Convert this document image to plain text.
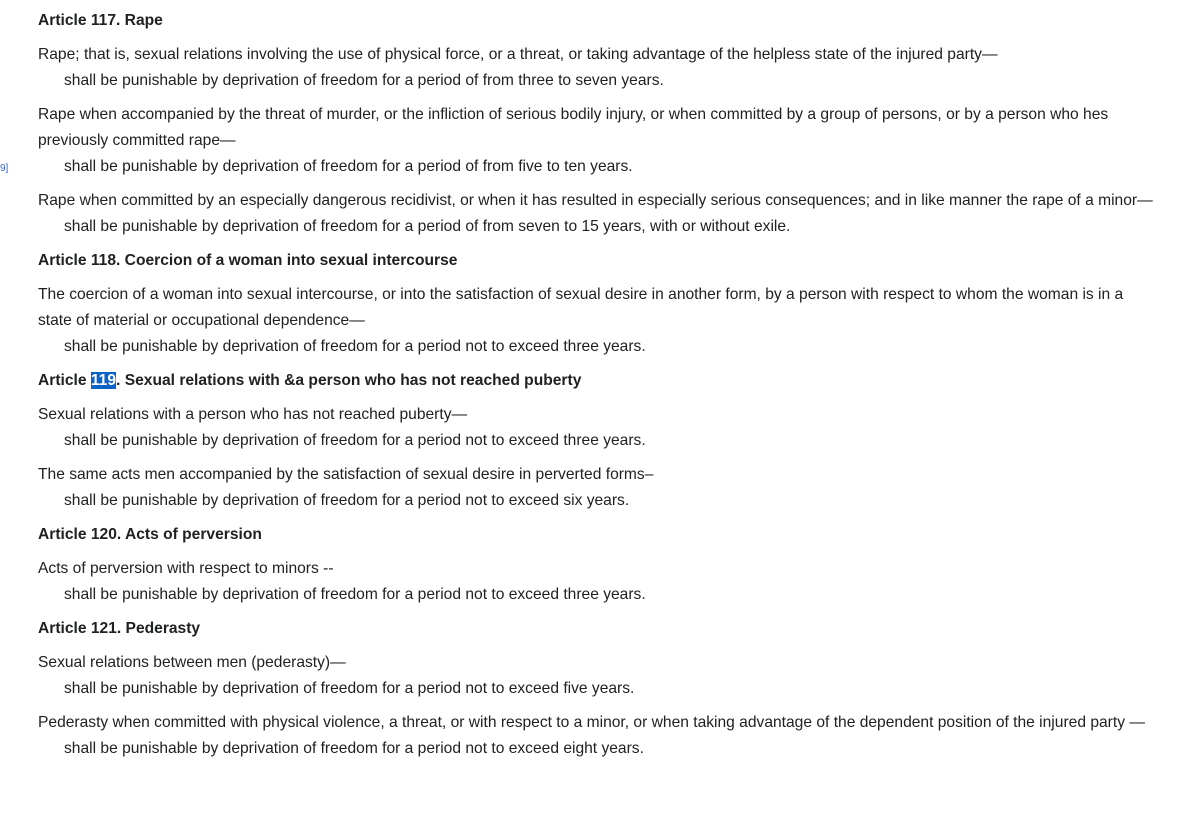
9]
Article 117. Rape

Rape; that is, sexual relations involving the use of physical force, or a threat, or taking advantage of the helpless state of the injured party—

shall be punishable by deprivation of freedom for a period of from three to seven years.

Rape when accompanied by the threat of murder, or the infliction of serious bodily injury, or when committed by a group of persons, or by a person who hes previously committed rape—

shall be punishable by deprivation of freedom for a period of from five to ten years.

Rape when committed by an especially dangerous recidivist, or when it has resulted in especially serious consequences; and in like manner the rape of a minor—

shall be punishable by deprivation of freedom for a period of from seven to 15 years, with or without exile.

Article 118. Coercion of a woman into sexual intercourse

The coercion of a woman into sexual intercourse, or into the satisfaction of sexual desire in another form, by a person with respect to whom the woman is in a state of material or occupational dependence—

shall be punishable by deprivation of freedom for a period not to exceed three years.

Article 119. Sexual relations with &a person who has not reached puberty

Sexual relations with a person who has not reached puberty—

shall be punishable by deprivation of freedom for a period not to exceed three years.

The same acts men accompanied by the satisfaction of sexual desire in perverted forms–

shall be punishable by deprivation of freedom for a period not to exceed six years.

Article 120. Acts of perversion

Acts of perversion with respect to minors --

shall be punishable by deprivation of freedom for a period not to exceed three years.

Article 121. Pederasty

Sexual relations between men (pederasty)—

shall be punishable by deprivation of freedom for a period not to exceed five years.

Pederasty when committed with physical violence, a threat, or with respect to a minor, or when taking advantage of the dependent position of the injured party —

shall be punishable by deprivation of freedom for a period not to exceed eight years.
